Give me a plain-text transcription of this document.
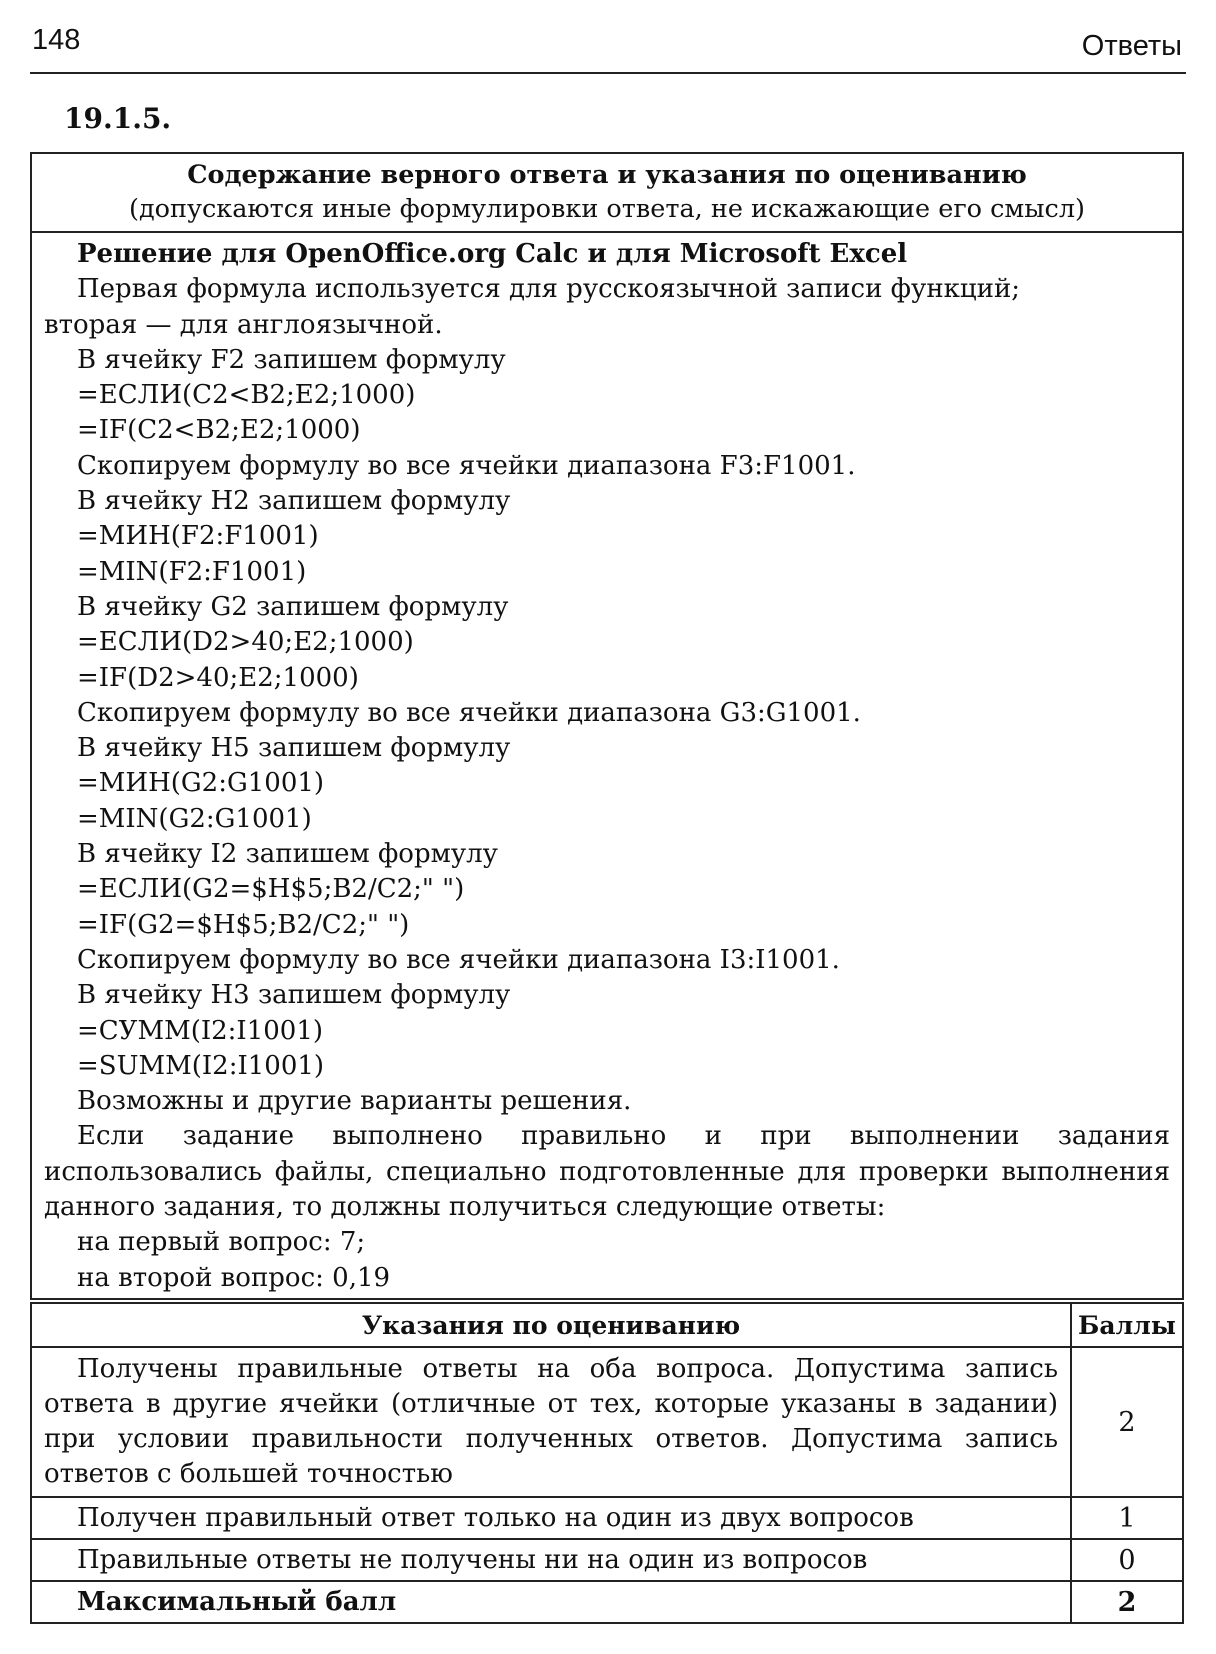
148	Ответы
19.1.5.
Содержание верного ответа и указания по оцениванию
(допускаются иные формулировки ответа, не искажающие его смысл)
Решение для OpenOffice.org Calc и для Microsoft Excel
Первая формула используется для русскоязычной записи функций;
вторая — для англоязычной.
В ячейку F2 запишем формулу
=ЕСЛИ(C2<B2;E2;1000)
=IF(C2<B2;E2;1000)
Скопируем формулу во все ячейки диапазона F3:F1001.
В ячейку H2 запишем формулу
=МИН(F2:F1001)
=MIN(F2:F1001)
В ячейку G2 запишем формулу
=ЕСЛИ(D2>40;E2;1000)
=IF(D2>40;E2;1000)
Скопируем формулу во все ячейки диапазона G3:G1001.
В ячейку H5 запишем формулу
=МИН(G2:G1001)
=MIN(G2:G1001)
В ячейку I2 запишем формулу
=ЕСЛИ(G2=$H$5;B2/C2;" ")
=IF(G2=$H$5;B2/C2;" ")
Скопируем формулу во все ячейки диапазона I3:I1001.
В ячейку H3 запишем формулу
=СУММ(I2:I1001)
=SUMM(I2:I1001)
Возможны и другие варианты решения.
Если задание выполнено правильно и при выполнении задания использовались файлы, специально подготовленные для проверки выполнения данного задания, то должны получиться следующие ответы:
на первый вопрос: 7;
на второй вопрос: 0,19
Указания по оцениванию	Баллы
Получены правильные ответы на оба вопроса. Допустима запись ответа в другие ячейки (отличные от тех, которые указаны в задании) при условии правильности полученных ответов. Допустима запись ответов с большей точностью	2
Получен правильный ответ только на один из двух вопросов	1
Правильные ответы не получены ни на один из вопросов	0
Максимальный балл	2
